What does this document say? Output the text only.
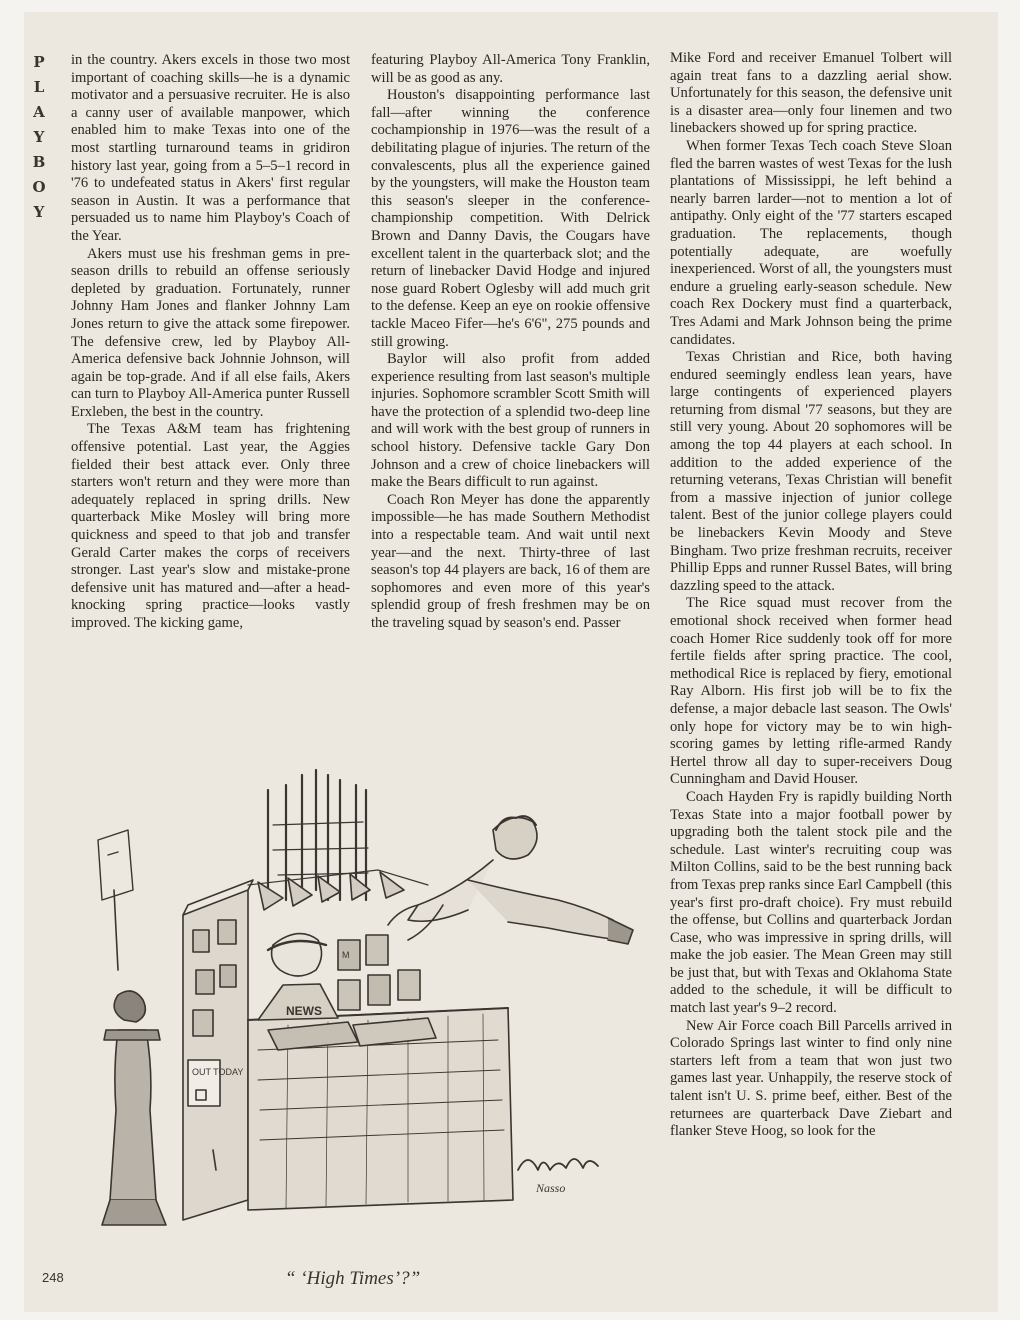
P
L
A
Y
B
O
Y

in the country. Akers excels in those two most important of coaching skills—he is a dynamic motivator and a persuasive recruiter. He is also a canny user of available manpower, which enabled him to make Texas into one of the most startling turnaround teams in gridiron history last year, going from a 5–5–1 record in '76 to undefeated status in Akers' first regular season in Austin. It was a performance that persuaded us to name him Playboy's Coach of the Year.

Akers must use his freshman gems in pre-season drills to rebuild an offense seriously depleted by graduation. Fortunately, runner Johnny Ham Jones and flanker Johnny Lam Jones return to give the attack some firepower. The defensive crew, led by Playboy All-America defensive back Johnnie Johnson, will again be top-grade. And if all else fails, Akers can turn to Playboy All-America punter Russell Erxleben, the best in the country.

The Texas A&M team has frightening offensive potential. Last year, the Aggies fielded their best attack ever. Only three starters won't return and they were more than adequately replaced in spring drills. New quarterback Mike Mosley will bring more quickness and speed to that job and transfer Gerald Carter makes the corps of receivers stronger. Last year's slow and mistake-prone defensive unit has matured and—after a head-knocking spring practice—looks vastly improved. The kicking game,

featuring Playboy All-America Tony Franklin, will be as good as any.

Houston's disappointing performance last fall—after winning the conference cochampionship in 1976—was the result of a debilitating plague of injuries. The return of the convalescents, plus all the experience gained by the youngsters, will make the Houston team this season's sleeper in the conference-championship competition. With Delrick Brown and Danny Davis, the Cougars have excellent talent in the quarterback slot; and the return of linebacker David Hodge and injured nose guard Robert Oglesby will add much grit to the defense. Keep an eye on rookie offensive tackle Maceo Fifer—he's 6'6", 275 pounds and still growing.

Baylor will also profit from added experience resulting from last season's multiple injuries. Sophomore scrambler Scott Smith will have the protection of a splendid two-deep line and will work with the best group of runners in school history. Defensive tackle Gary Don Johnson and a crew of choice linebackers will make the Bears difficult to run against.

Coach Ron Meyer has done the apparently impossible—he has made Southern Methodist into a respectable team. And wait until next year—and the next. Thirty-three of last season's top 44 players are back, 16 of them are sophomores and even more of this year's splendid group of fresh freshmen may be on the traveling squad by season's end. Passer

Mike Ford and receiver Emanuel Tolbert will again treat fans to a dazzling aerial show. Unfortunately for this season, the defensive unit is a disaster area—only four linemen and two linebackers showed up for spring practice.

When former Texas Tech coach Steve Sloan fled the barren wastes of west Texas for the lush plantations of Mississippi, he left behind a nearly barren larder—not to mention a lot of antipathy. Only eight of the '77 starters escaped graduation. The replacements, though potentially adequate, are woefully inexperienced. Worst of all, the youngsters must endure a grueling early-season schedule. New coach Rex Dockery must find a quarterback, Tres Adami and Mark Johnson being the prime candidates.

Texas Christian and Rice, both having endured seemingly endless lean years, have large contingents of experienced players returning from dismal '77 seasons, but they are still very young. About 20 sophomores will be among the top 44 players at each school. In addition to the added experience of the returning veterans, Texas Christian will benefit from a massive injection of junior college talent. Best of the junior college players could be linebackers Kevin Moody and Steve Bingham. Two prize freshman recruits, receiver Phillip Epps and runner Russel Bates, will bring dazzling speed to the attack.

The Rice squad must recover from the emotional shock received when former head coach Homer Rice suddenly took off for more fertile fields after spring practice. The cool, methodical Rice is replaced by fiery, emotional Ray Alborn. His first job will be to fix the defense, a major debacle last season. The Owls' only hope for victory may be to win high-scoring games by letting rifle-armed Randy Hertel throw all day to super-receivers Doug Cunningham and David Houser.

Coach Hayden Fry is rapidly building North Texas State into a major football power by upgrading both the talent stock pile and the schedule. Last winter's recruiting coup was Milton Collins, said to be the best running back from Texas prep ranks since Earl Campbell (this year's first pro-draft choice). Fry must rebuild the offense, but Collins and quarterback Jordan Case, who was impressive in spring drills, will make the job easier. The Mean Green may still be just that, but with Texas and Oklahoma State added to the schedule, it will be difficult to match last year's 9–2 record.

New Air Force coach Bill Parcells arrived in Colorado Springs last winter to find only nine starters left from a team that won just two games last year. Unhappily, the reserve stock of talent isn't U. S. prime beef, either. Best of the returnees are quarterback Dave Ziebart and flanker Steve Hoog, so look for the

OUT TODAY
NEWS
M
Nasso
“ ‘High Times’?”
248
